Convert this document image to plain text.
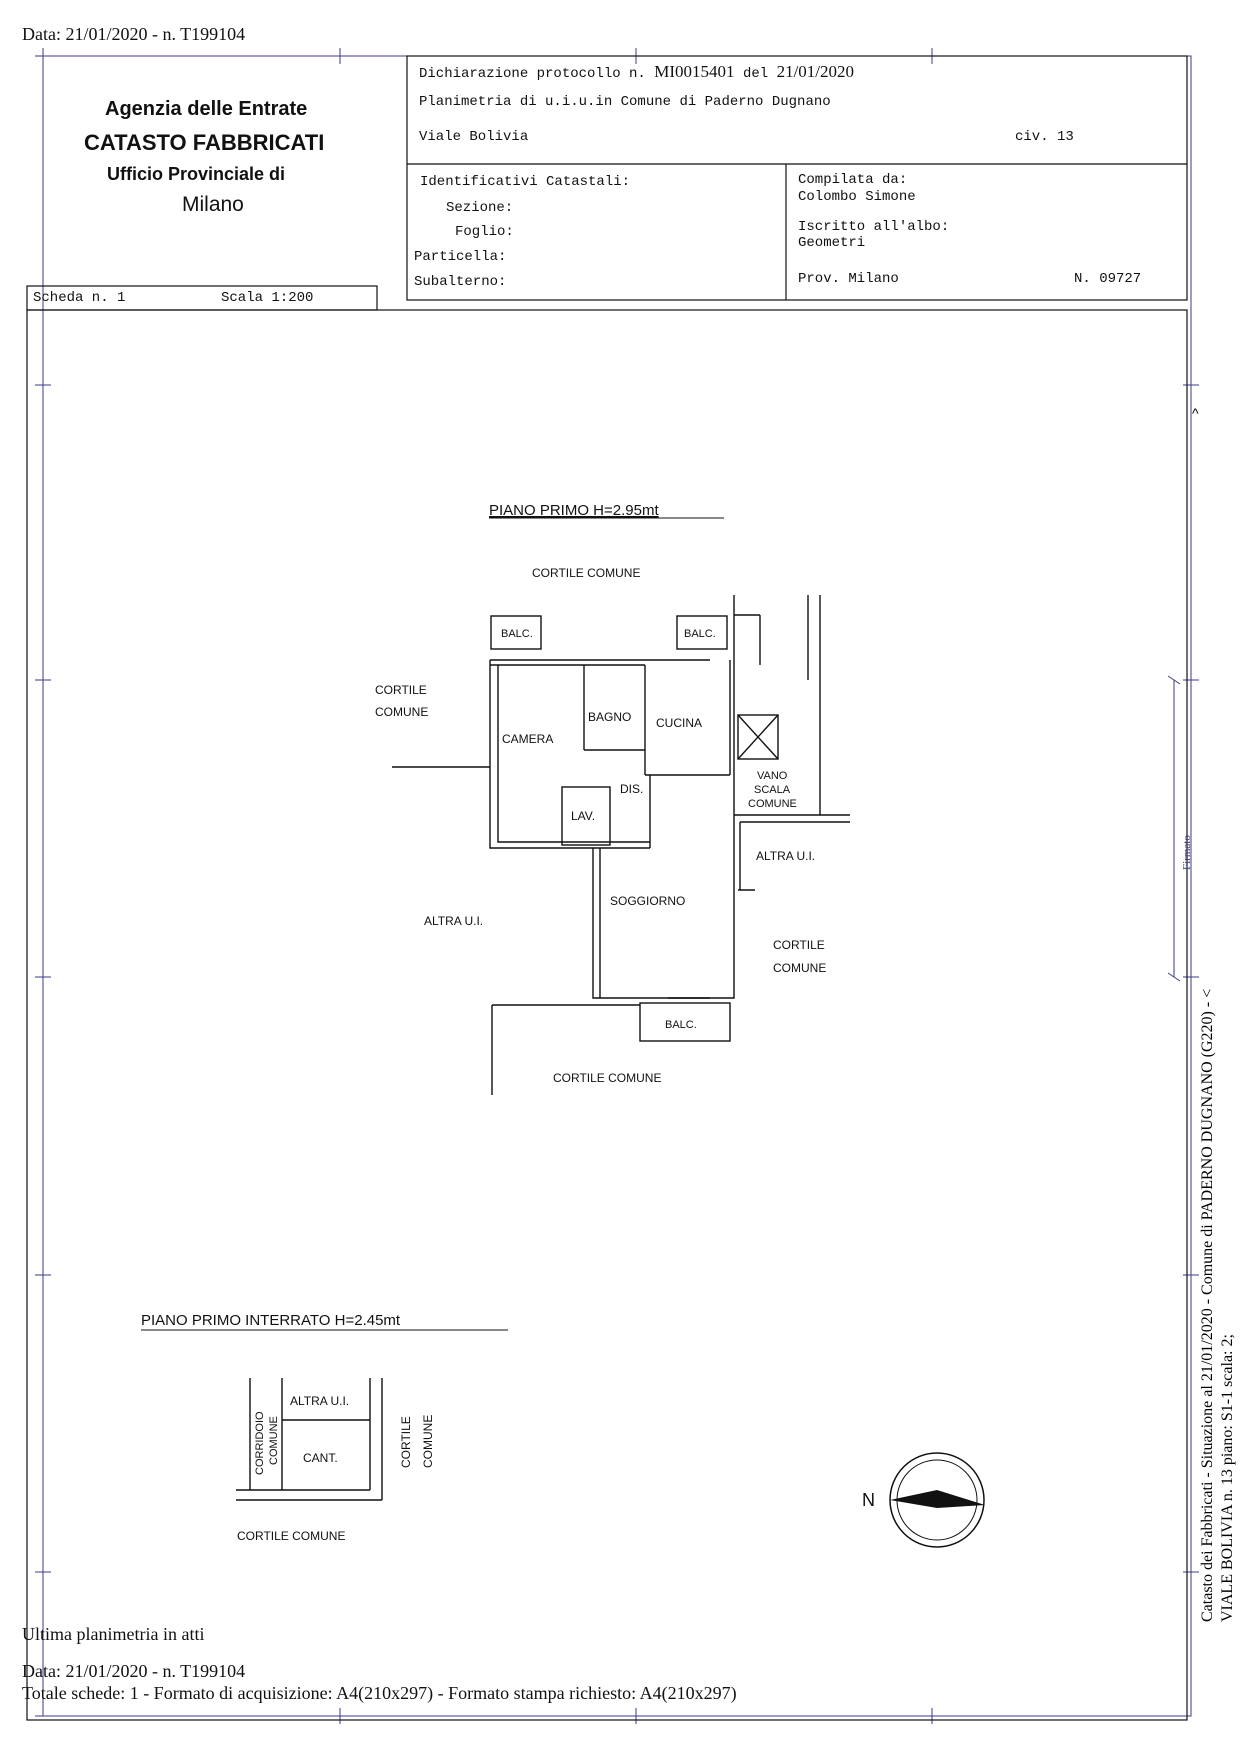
Data: 21/01/2020 - n. T199104
PIANO PRIMO H=2.95mt
CORTILE COMUNE
CORTILE
COMUNE
BALC.	BALC.
CAMERA
BAGNO CUCINA
DIS.
LAV.
VANO
SCALA
COMUNE
ALTRA U.I.
SOGGIORNO
ALTRA U.I.
CORTILE
COMUNE
BALC.
CORTILE COMUNE
PIANO PRIMO INTERRATO H=2.45mt
CORRIDOIO COMUNE
ALTRA U.I.
CANT.	CORTILE COMUNE
CORTILE COMUNE
N	Catasto dei Fabbricati - Situazione al 21/01/2020 - Comune di PADERNO DUGNANO (G220) - < VIALE BOLIVIA n. 13 piano: S1-1 scala: 2;
Firmato
^
Agenzia delle Entrate
CATASTO FABBRICATI
Ufficio Provinciale di
Milano
Dichiarazione protocollo n. MI0015401 del 21/01/2020
Planimetria di u.i.u.in Comune di Paderno Dugnano
Viale Bolivia	civ. 13
Identificativi Catastali:
Sezione:
Foglio:
Particella:
Subalterno:
Compilata da:
Colombo Simone
Iscritto all'albo:
Geometri
Prov. Milano	N. 09727
Scheda n. 1	Scala 1:200
Ultima planimetria in atti
Data: 21/01/2020 - n. T199104
Totale schede: 1 - Formato di acquisizione: A4(210x297) - Formato stampa richiesto: A4(210x297)
